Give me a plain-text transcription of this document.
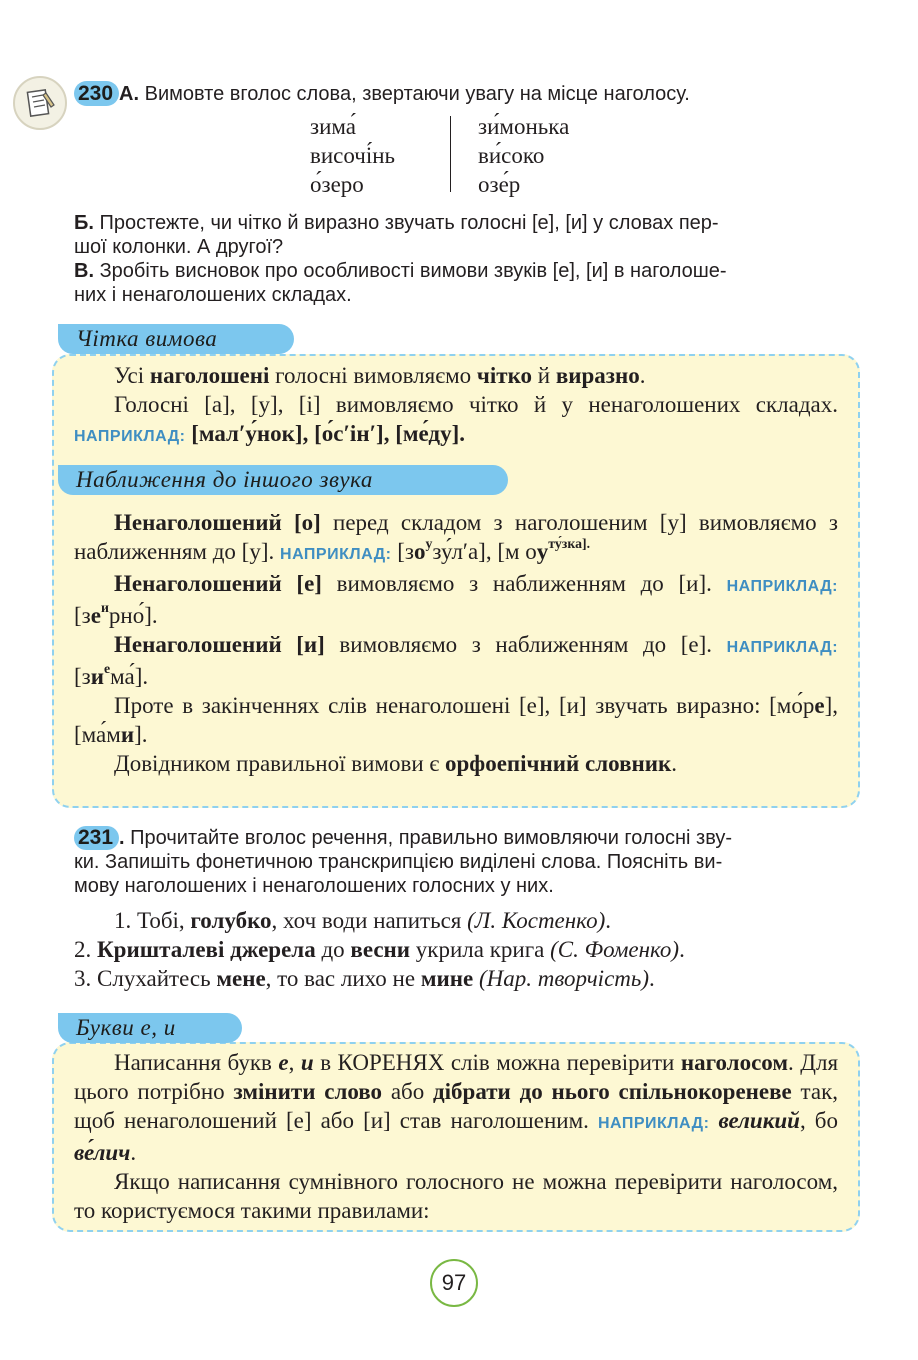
230 А. Вимовте вголос слова, звертаючи увагу на місце наголосу.
зима́
височі́нь
о́зеро
зи́монька
ви́соко
озе́р
Б. Простежте, чи чітко й виразно звучать голосні [е], [и] у словах пер-
шої колонки. А другої?
В. Зробіть висновок про особливості вимови звуків [е], [и] в наголоше-
них і ненаголошених складах.
Чітка вимова

Усі наголошені голосні вимовляємо чітко й виразно.

Голосні [а], [у], [і] вимовляємо чітко й у ненаголошених складах. НАПРИКЛАД: [мал′у́нок], [о́с′ін′], [ме́ду].

Наближення до іншого звука

Ненаголошений [о] перед складом з наголошеним [у] вимовляємо з наближенням до [у]. НАПРИКЛАД: $[зо^узу́л'а]$, [м $оу^{ту́зка].}$

Ненаголошений [е] вимовляємо з наближенням до [и]. НАПРИКЛАД: $[зе^ирно́]$.

Ненаголошений [и] вимовляємо з наближенням до [е]. НАПРИКЛАД: $[зи^ема́]$.

Проте в закінченнях слів ненаголошені [е], [и] звучать виразно: [мо́ре], [ма́ми].

Довідником правильної вимови є орфоепічний словник.

231 . Прочитайте вголос речення, правильно вимовляючи голосні зву-
ки. Запишіть фонетичною транскрипцією виділені слова. Поясніть ви-
мову наголошених і ненаголошених голосних у них.
1. Тобі, голубко, хоч води напиться (Л. Костенко).
2. Кришталеві джерела до весни укрила крига (С. Фоменко).
3. Слухайтесь мене, то вас лихо не мине (Нар. творчість).
Букви е, и

Написання букв е, и в КОРЕНЯХ слів можна перевірити наголосом. Для цього потрібно змінити слово або дібрати до нього спільнокореневе так, щоб ненаголошений [е] або [и] став наголошеним. НАПРИКЛАД: великий, бо ве́лич.

Якщо написання сумнівного голосного не можна перевірити наголосом, то користуємося такими правилами:

97
